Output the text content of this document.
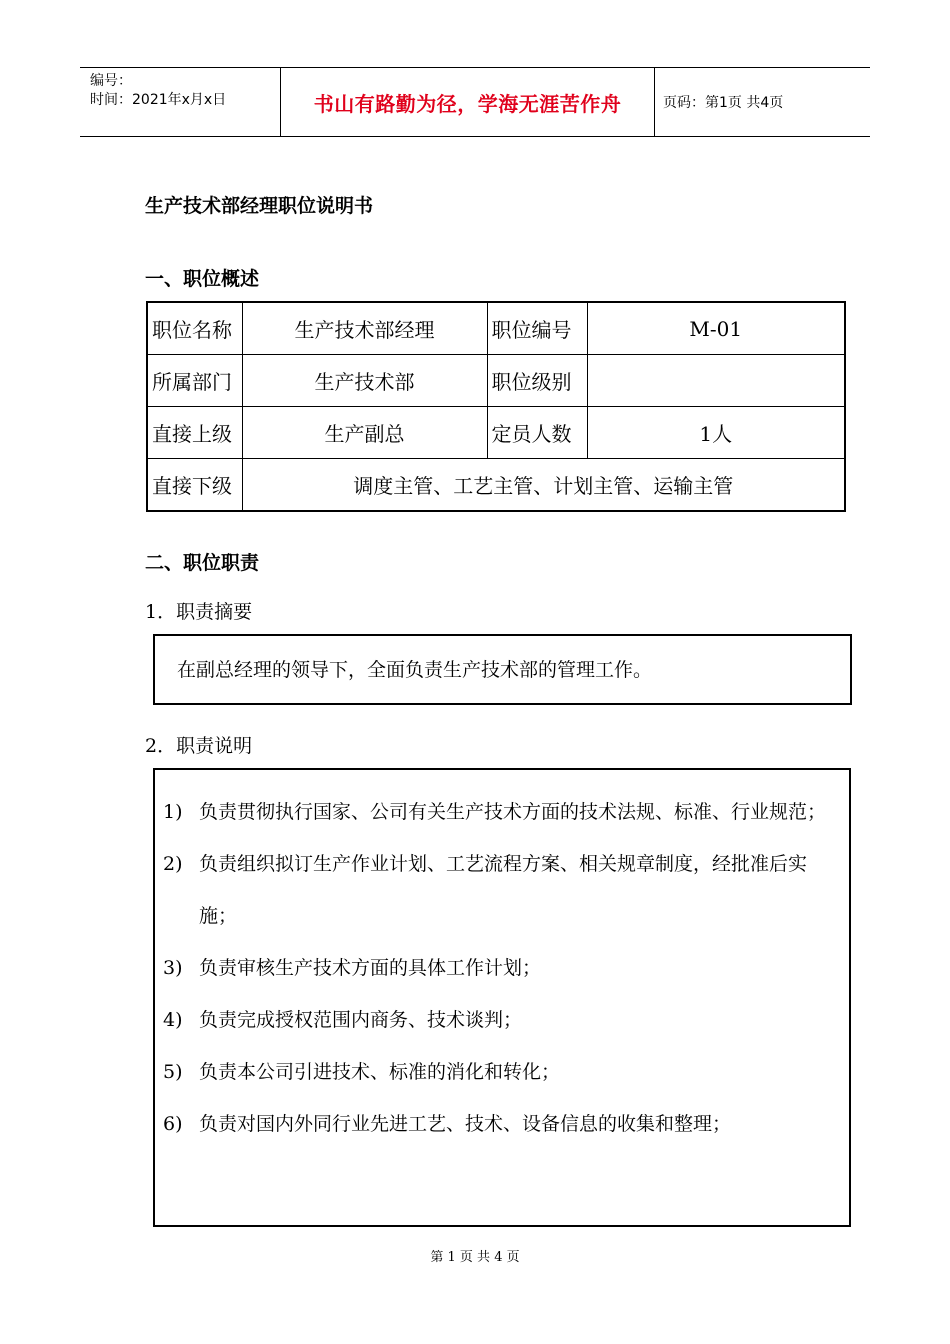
编号：
时间：2021年x月x日	书山有路勤为径，学海无涯苦作舟	页码：第1页 共4页
生产技术部经理职位说明书
一、职位概述
职位名称	生产技术部经理	职位编号	M-01
所属部门	生产技术部	职位级别	
直接上级	生产副总	定员人数	1人
直接下级	调度主管、工艺主管、计划主管、运输主管		
二、职位职责
1．职责摘要
在副总经理的领导下，全面负责生产技术部的管理工作。
2．职责说明
1) 负责贯彻执行国家、公司有关生产技术方面的技术法规、标准、行业规范；
2) 负责组织拟订生产作业计划、工艺流程方案、相关规章制度，经批准后实施；
3) 负责审核生产技术方面的具体工作计划；
4) 负责完成授权范围内商务、技术谈判；
5) 负责本公司引进技术、标准的消化和转化；
6) 负责对国内外同行业先进工艺、技术、设备信息的收集和整理；
第 1 页 共 4 页
